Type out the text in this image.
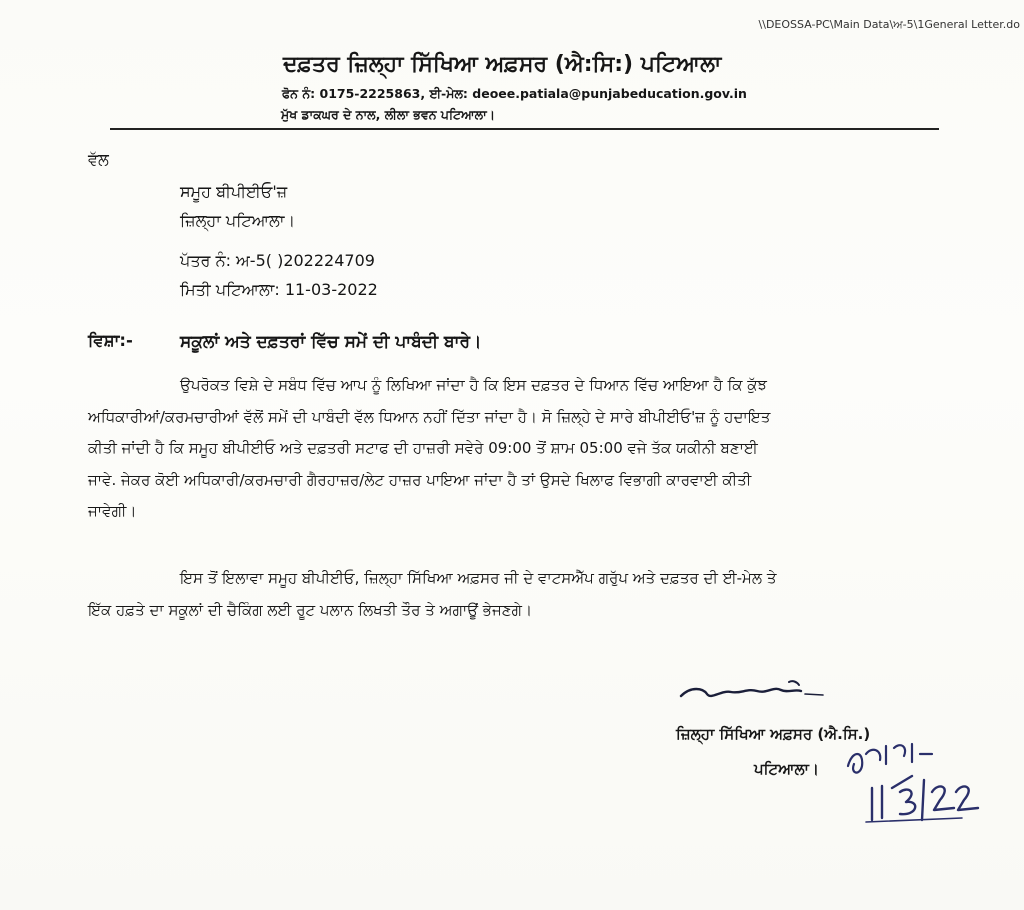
\\DEOSSA-PC\Main Data\ਅ-5\1General Letter.do
ਦਫ਼ਤਰ ਜ਼ਿਲ੍ਹਾ ਸਿੱਖਿਆ ਅਫ਼ਸਰ (ਐ:ਸਿ:) ਪਟਿਆਲਾ
ਫੋਨ ਨੰ: 0175-2225863, ਈ-ਮੇਲ: deoee.patiala@punjabeducation.gov.in
ਮੁੱਖ ਡਾਕਘਰ ਦੇ ਨਾਲ, ਲੀਲਾ ਭਵਨ ਪਟਿਆਲਾ।
ਵੱਲ
ਸਮੂਹ ਬੀਪੀਈਓ'ਜ਼
ਜ਼ਿਲ੍ਹਾ ਪਟਿਆਲਾ।
ਪੱਤਰ ਨੰ: ਅ-5( )202224709
ਮਿਤੀ ਪਟਿਆਲਾ: 11-03-2022
ਵਿਸ਼ਾ:-	ਸਕੂਲਾਂ ਅਤੇ ਦਫ਼ਤਰਾਂ ਵਿੱਚ ਸਮੇਂ ਦੀ ਪਾਬੰਦੀ ਬਾਰੇ।
ਉਪਰੋਕਤ ਵਿਸ਼ੇ ਦੇ ਸਬੰਧ ਵਿੱਚ ਆਪ ਨੂੰ ਲਿਖਿਆ ਜਾਂਦਾ ਹੈ ਕਿ ਇਸ ਦਫ਼ਤਰ ਦੇ ਧਿਆਨ ਵਿੱਚ ਆਇਆ ਹੈ ਕਿ ਕੁੱਝ
ਅਧਿਕਾਰੀਆਂ/ਕਰਮਚਾਰੀਆਂ ਵੱਲੋਂ ਸਮੇਂ ਦੀ ਪਾਬੰਦੀ ਵੱਲ ਧਿਆਨ ਨਹੀਂ ਦਿੱਤਾ ਜਾਂਦਾ ਹੈ। ਸੋ ਜ਼ਿਲ੍ਹੇ ਦੇ ਸਾਰੇ ਬੀਪੀਈਓ'ਜ਼ ਨੂੰ ਹਦਾਇਤ
ਕੀਤੀ ਜਾਂਦੀ ਹੈ ਕਿ ਸਮੂਹ ਬੀਪੀਈਓ ਅਤੇ ਦਫ਼ਤਰੀ ਸਟਾਫ ਦੀ ਹਾਜ਼ਰੀ ਸਵੇਰੇ 09:00 ਤੋਂ ਸ਼ਾਮ 05:00 ਵਜੇ ਤੱਕ ਯਕੀਨੀ ਬਣਾਈ
ਜਾਵੇ. ਜੇਕਰ ਕੋਈ ਅਧਿਕਾਰੀ/ਕਰਮਚਾਰੀ ਗੈਰਹਾਜ਼ਰ/ਲੇਟ ਹਾਜ਼ਰ ਪਾਇਆ ਜਾਂਦਾ ਹੈ ਤਾਂ ਉਸਦੇ ਖਿਲਾਫ ਵਿਭਾਗੀ ਕਾਰਵਾਈ ਕੀਤੀ
ਜਾਵੇਗੀ।
ਇਸ ਤੋਂ ਇਲਾਵਾ ਸਮੂਹ ਬੀਪੀਈਓ, ਜ਼ਿਲ੍ਹਾ ਸਿੱਖਿਆ ਅਫ਼ਸਰ ਜੀ ਦੇ ਵਾਟਸਐੱਪ ਗਰੁੱਪ ਅਤੇ ਦਫ਼ਤਰ ਦੀ ਈ-ਮੇਲ ਤੇ
ਇੱਕ ਹਫ਼ਤੇ ਦਾ ਸਕੂਲਾਂ ਦੀ ਚੈਕਿੰਗ ਲਈ ਰੂਟ ਪਲਾਨ ਲਿਖਤੀ ਤੌਰ ਤੇ ਅਗਾਊਂ ਭੇਜਣਗੇ।
ਜ਼ਿਲ੍ਹਾ ਸਿੱਖਿਆ ਅਫ਼ਸਰ (ਐ.ਸਿ.)
ਪਟਿਆਲਾ।
